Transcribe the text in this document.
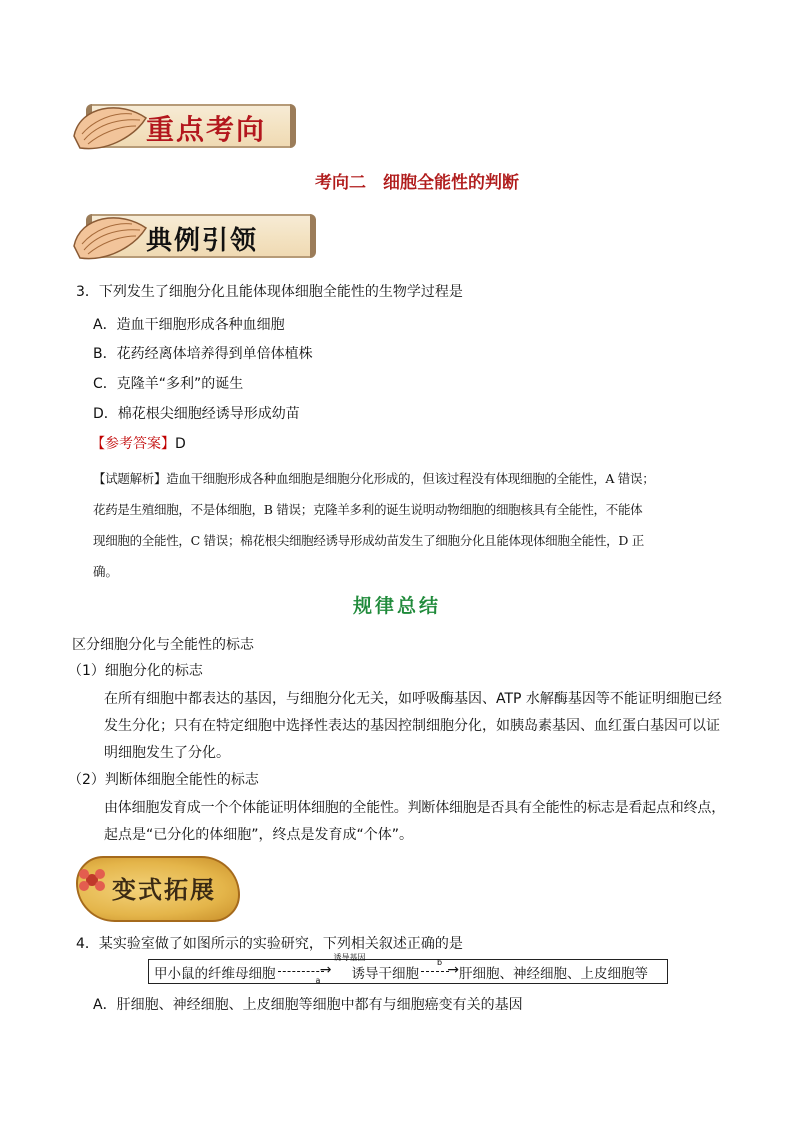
重点考向
考向二　细胞全能性的判断
典例引领
3．下列发生了细胞分化且能体现体细胞全能性的生物学过程是
A．造血干细胞形成各种血细胞
B．花药经离体培养得到单倍体植株
C．克隆羊“多利”的诞生
D．棉花根尖细胞经诱导形成幼苗
【参考答案】D
【试题解析】造血干细胞形成各种血细胞是细胞分化形成的，但该过程没有体现细胞的全能性，A 错误；
花药是生殖细胞，不是体细胞，B 错误；克隆羊多利的诞生说明动物细胞的细胞核具有全能性，不能体
现细胞的全能性，C 错误；棉花根尖细胞经诱导形成幼苗发生了细胞分化且能体现体细胞全能性，D 正
确。
规律总结
区分细胞分化与全能性的标志
（1）细胞分化的标志
在所有细胞中都表达的基因，与细胞分化无关，如呼吸酶基因、ATP 水解酶基因等不能证明细胞已经
发生分化；只有在特定细胞中选择性表达的基因控制细胞分化，如胰岛素基因、血红蛋白基因可以证
明细胞发生了分化。
（2）判断体细胞全能性的标志
由体细胞发育成一个个体能证明体细胞的全能性。判断体细胞是否具有全能性的标志是看起点和终点，
起点是“已分化的体细胞”，终点是发育成“个体”。
变式拓展
4．某实验室做了如图所示的实验研究，下列相关叙述正确的是
甲小鼠的纤维母细胞	→
a
诱导基因
诱导干细胞 →
b
肝细胞、神经细胞、上皮细胞等
A．肝细胞、神经细胞、上皮细胞等细胞中都有与细胞癌变有关的基因
